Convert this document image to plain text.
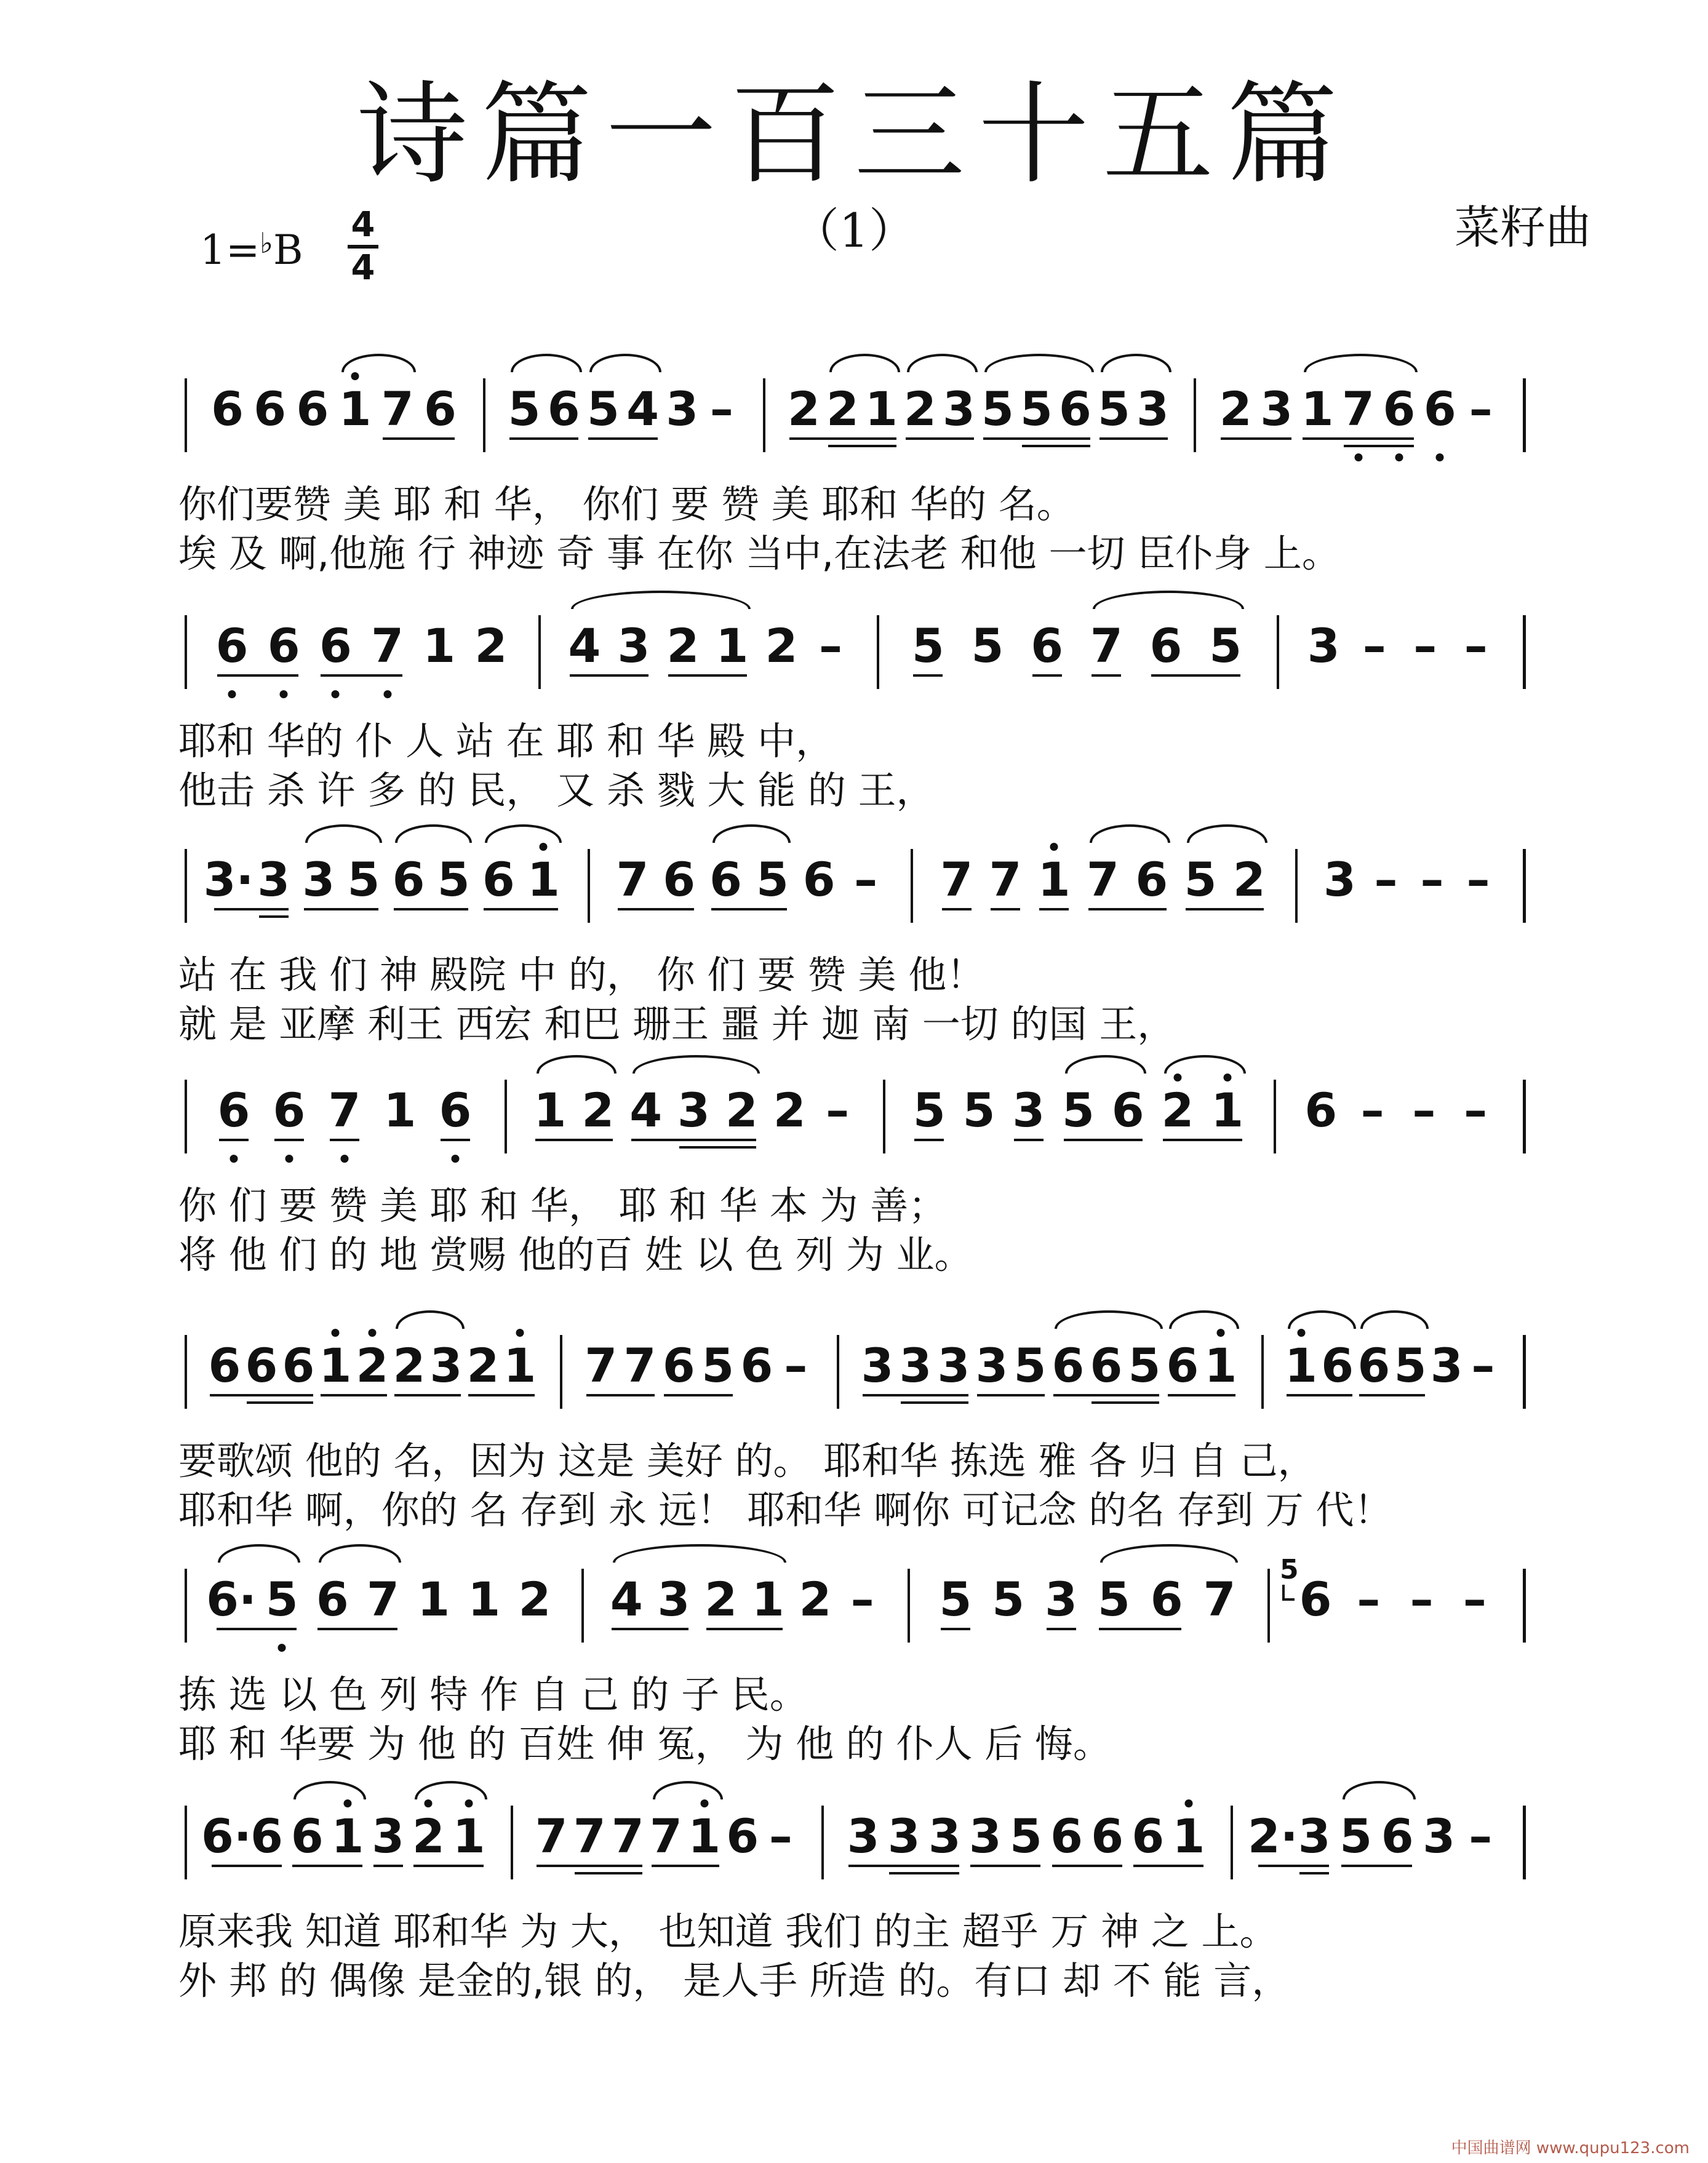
诗篇一百三十五篇
（1）	菜籽曲
1=♭B
4
4
6 6 6 1 7 6 5 6 5 4 3 – 2 2 1 2 3 5 5 6 5 3 2 3 1 7 6 6 –
你们要赞 美 耶 和 华， 你们 要 赞 美 耶和 华的 名。
埃 及 啊,他施 行 神迹 奇 事 在你 当中,在法老 和他 一切 臣仆身 上。
6 6 6 7 1 2 4 3 2 1 2 – 5 5 6 7 6 5 3 – – –
耶和 华的 仆 人 站 在 耶 和 华 殿 中，
他击 杀 许 多 的 民， 又 杀 戮 大 能 的 王，
3· 3 3 5 6 5 6 1 7 6 6 5 6 – 7 7 1 7 6 5 2 3 – – –
站 在 我 们 神 殿院 中 的， 你 们 要 赞 美 他！
就 是 亚摩 利王 西宏 和巴 珊王 噩 并 迦 南 一切 的国 王，
6 6 7 1 6 1 2 4 3 2 2 – 5 5 3 5 6 2 1 6 – – –
你 们 要 赞 美 耶 和 华， 耶 和 华 本 为 善；
将 他 们 的 地 赏赐 他的百 姓 以 色 列 为 业。
6 6 6 1 2 2 3 2 1 7 7 6 5 6 – 3 3 3 3 5 6 6 5 6 1 1 6 6 5 3 –
要歌颂 他的 名，因为 这是 美好 的。 耶和华 拣选 雅 各 归 自 己，
耶和华 啊，你的 名 存到 永 远！ 耶和华 啊你 可记念 的名 存到 万 代！
6· 5 6 7 1 1 2 4 3 2 1 2 – 5 5 3 5 6 7 6 – – –
5
拣 选 以 色 列 特 作 自 己 的 子 民。
耶 和 华要 为 他 的 百姓 伸 冤， 为 他 的 仆人 后 悔。
6·
6 6 1 3 2 1 7 7 7 7 1 6 – 3 3 3 3 5 6 6 6 1 2· 3 5 6 3 –
原来我 知道 耶和华 为 大， 也知道 我们 的主 超乎 万 神 之 上。
外 邦 的 偶像 是金的,银 的， 是人手 所造 的。有口 却 不 能 言，
中国曲谱网 www.qupu123.com
